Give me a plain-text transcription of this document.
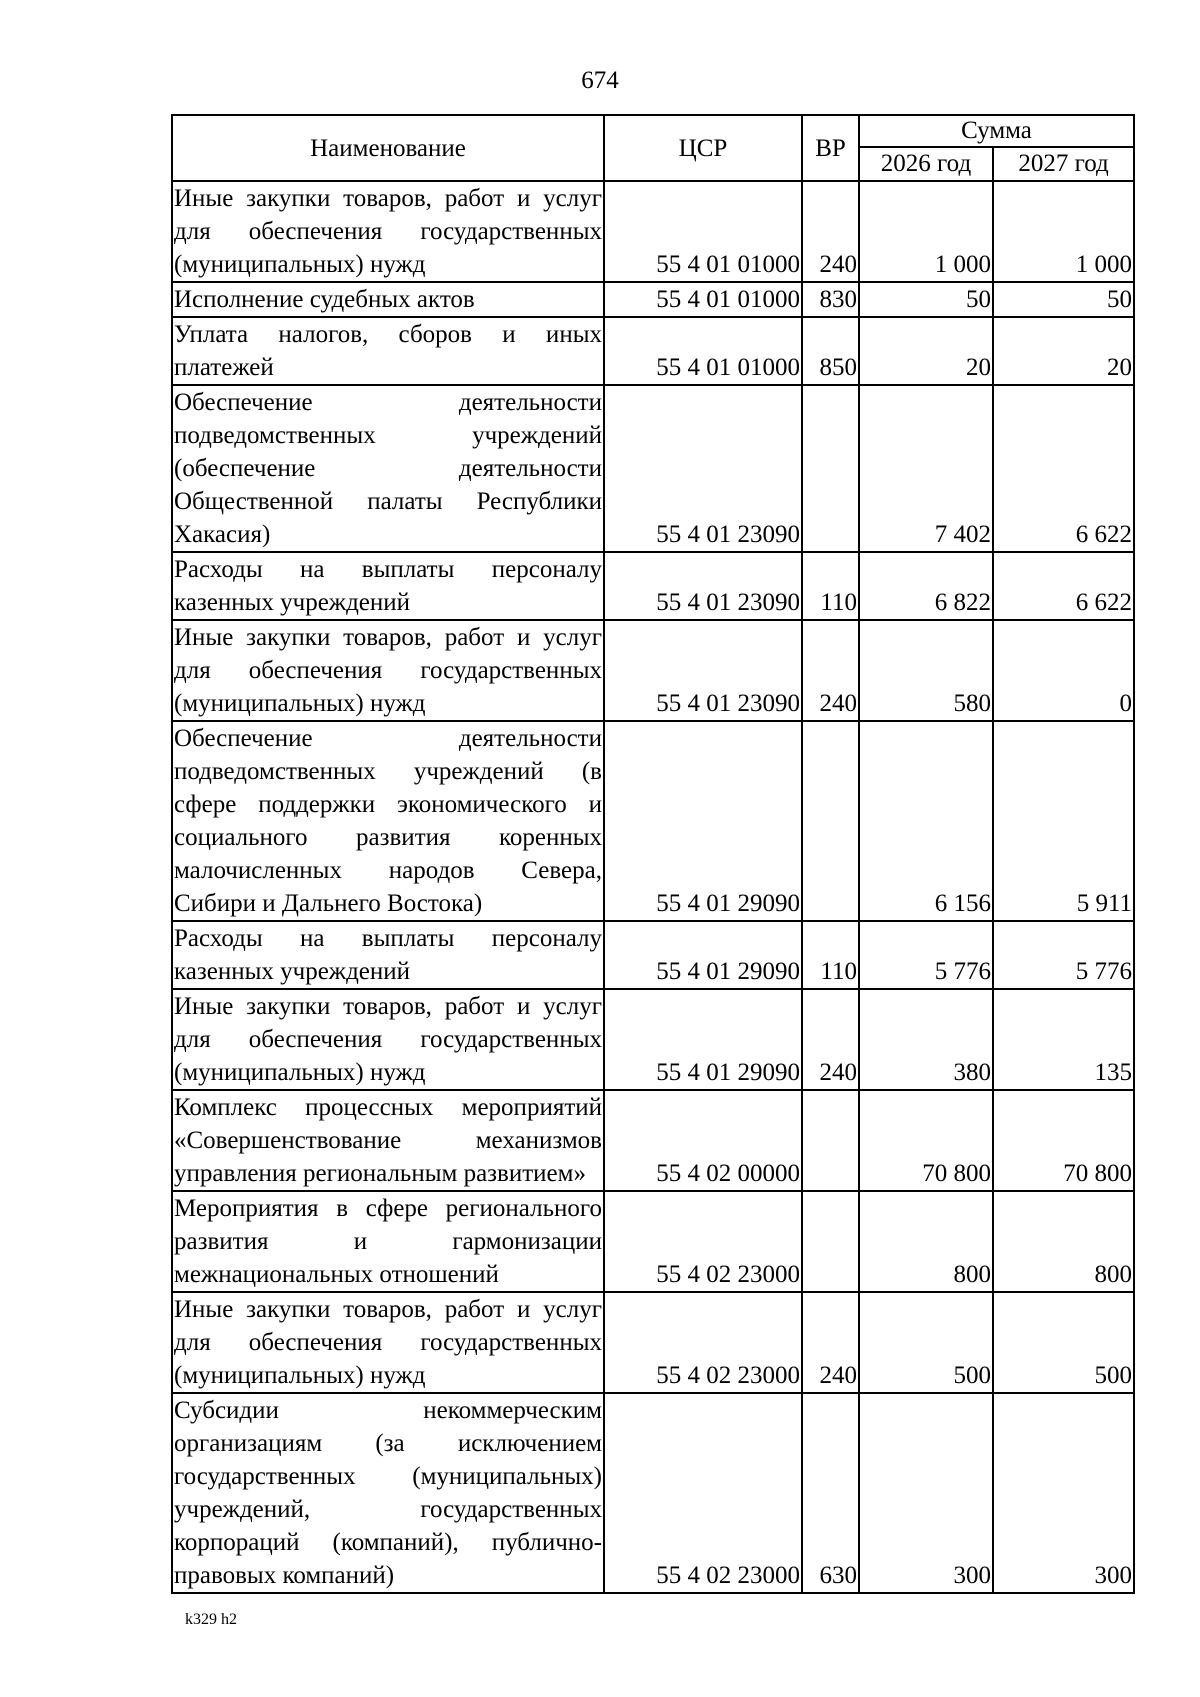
674
Наименование	ЦСР	ВР	Сумма	
			2026 год	2027 год
Иные закупки товаров, работ и услуг для обеспечения государственных (муниципальных) нужд	55 4 01 01000	240	1 000	1 000
Исполнение судебных актов	55 4 01 01000	830	50	50
Уплата налогов, сборов и иных платежей	55 4 01 01000	850	20	20
Обеспечение деятельности подведомственных учреждений (обеспечение деятельности Общественной палаты Республики Хакасия)	55 4 01 23090		7 402	6 622
Расходы на выплаты персоналу казенных учреждений	55 4 01 23090	110	6 822	6 622
Иные закупки товаров, работ и услуг для обеспечения государственных (муниципальных) нужд	55 4 01 23090	240	580	0
Обеспечение деятельности подведомственных учреждений (в сфере поддержки экономического и социального развития коренных малочисленных народов Севера, Сибири и Дальнего Востока)	55 4 01 29090		6 156	5 911
Расходы на выплаты персоналу казенных учреждений	55 4 01 29090	110	5 776	5 776
Иные закупки товаров, работ и услуг для обеспечения государственных (муниципальных) нужд	55 4 01 29090	240	380	135
Комплекс процессных мероприятий «Совершенствование механизмов управления региональным развитием»	55 4 02 00000		70 800	70 800
Мероприятия в сфере регионального развития и гармонизации межнациональных отношений	55 4 02 23000		800	800
Иные закупки товаров, работ и услуг для обеспечения государственных (муниципальных) нужд	55 4 02 23000	240	500	500
Субсидии некоммерческим организациям (за исключением государственных (муниципальных) учреждений, государственных корпораций (компаний), публично-правовых компаний)	55 4 02 23000	630	300	300
k329 h2
